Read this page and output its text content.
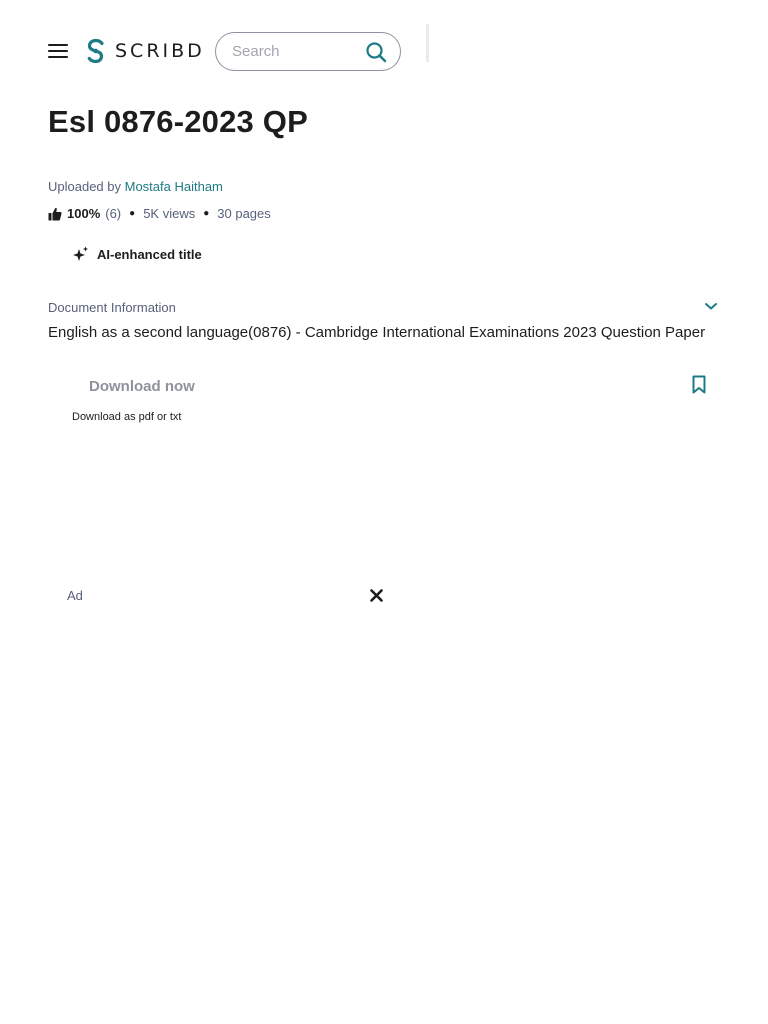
SCRIBD
Search
Esl 0876-2023 QP
Uploaded by Mostafa Haitham
100% (6) ● 5K views ● 30 pages
AI-enhanced title
Document Information
English as a second language(0876) - Cambridge International Examinations 2023 Question Paper
Download now
Download as pdf or txt
Ad
